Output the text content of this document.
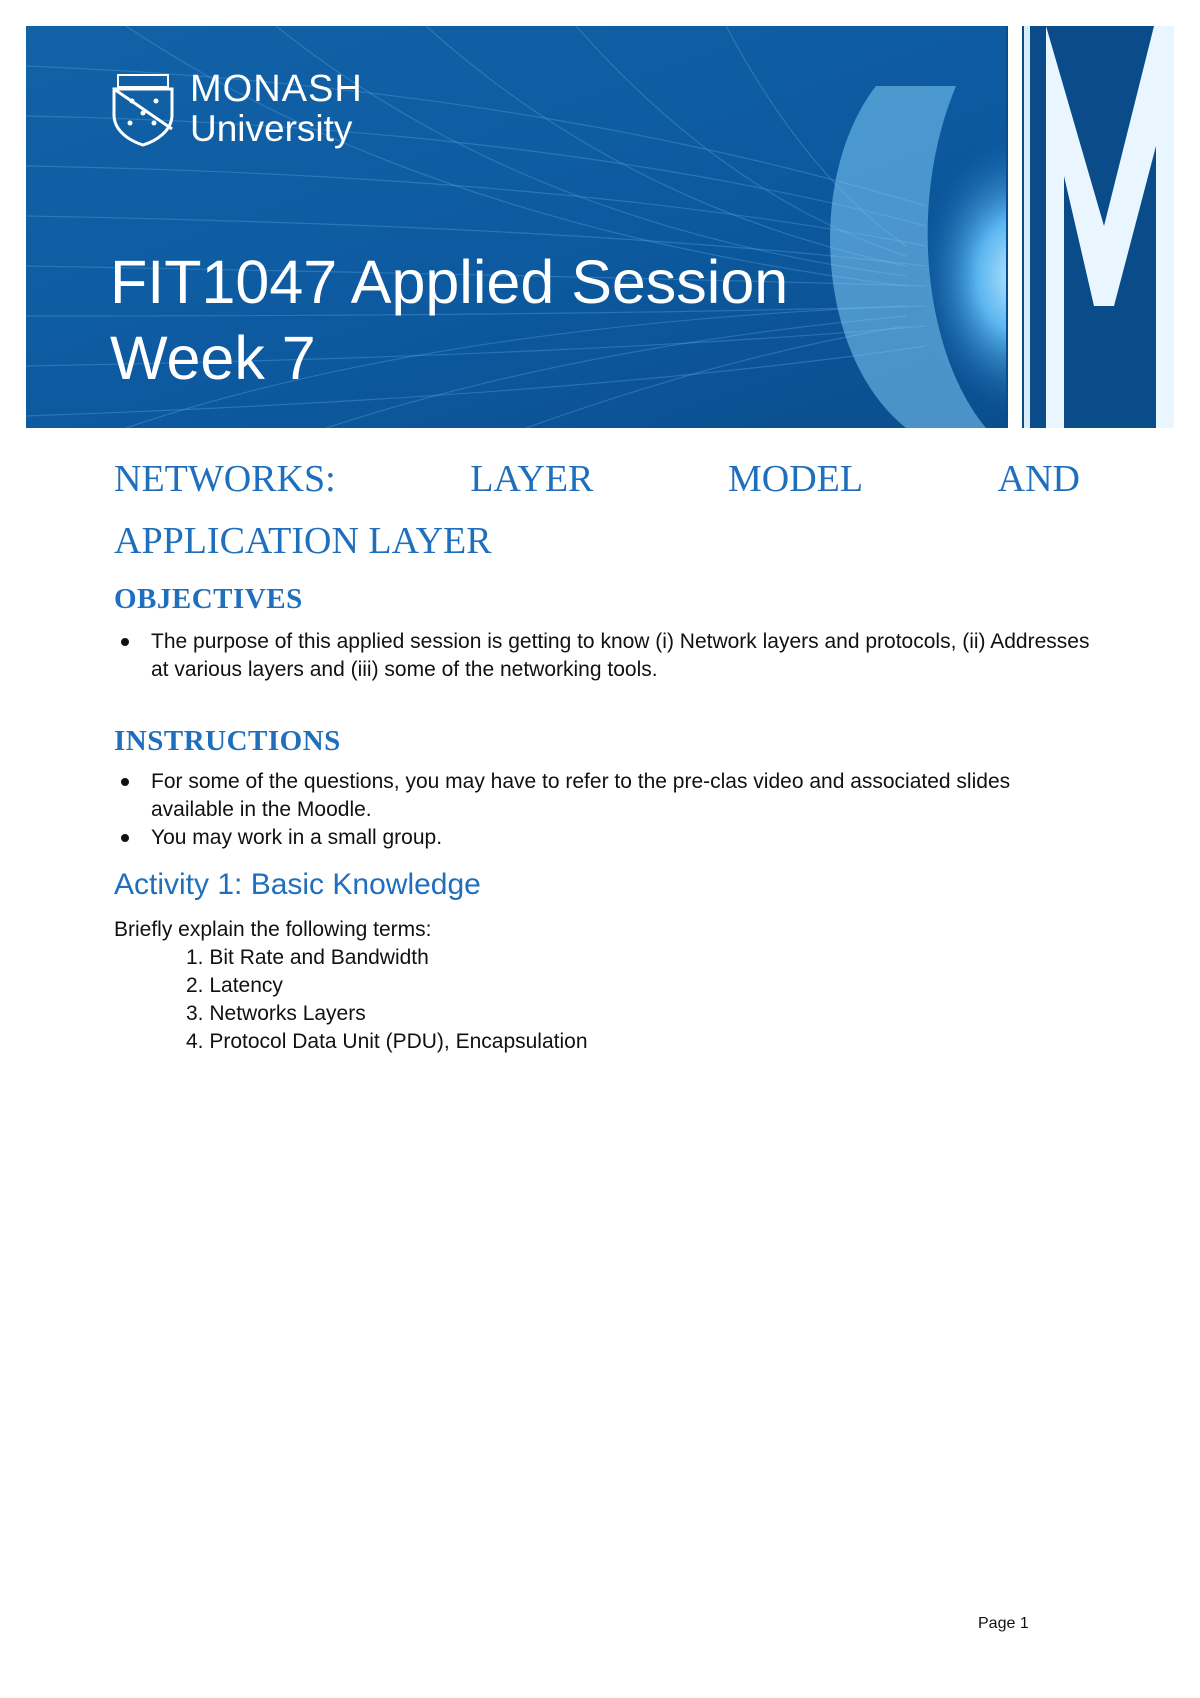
MONASH
University
FIT1047 Applied Session
Week 7
NETWORKS:	LAYER	MODEL	AND
APPLICATION LAYER
OBJECTIVES
The purpose of this applied session is getting to know (i) Network layers and protocols, (ii) Addresses at various layers and (iii) some of the networking tools.
INSTRUCTIONS
For some of the questions, you may have to refer to the pre-clas video and associated slides available in the Moodle.
You may work in a small group.
Activity 1: Basic Knowledge
Briefly explain the following terms:
1. Bit Rate and Bandwidth
2. Latency
3. Networks Layers
4. Protocol Data Unit (PDU), Encapsulation
Page 1
